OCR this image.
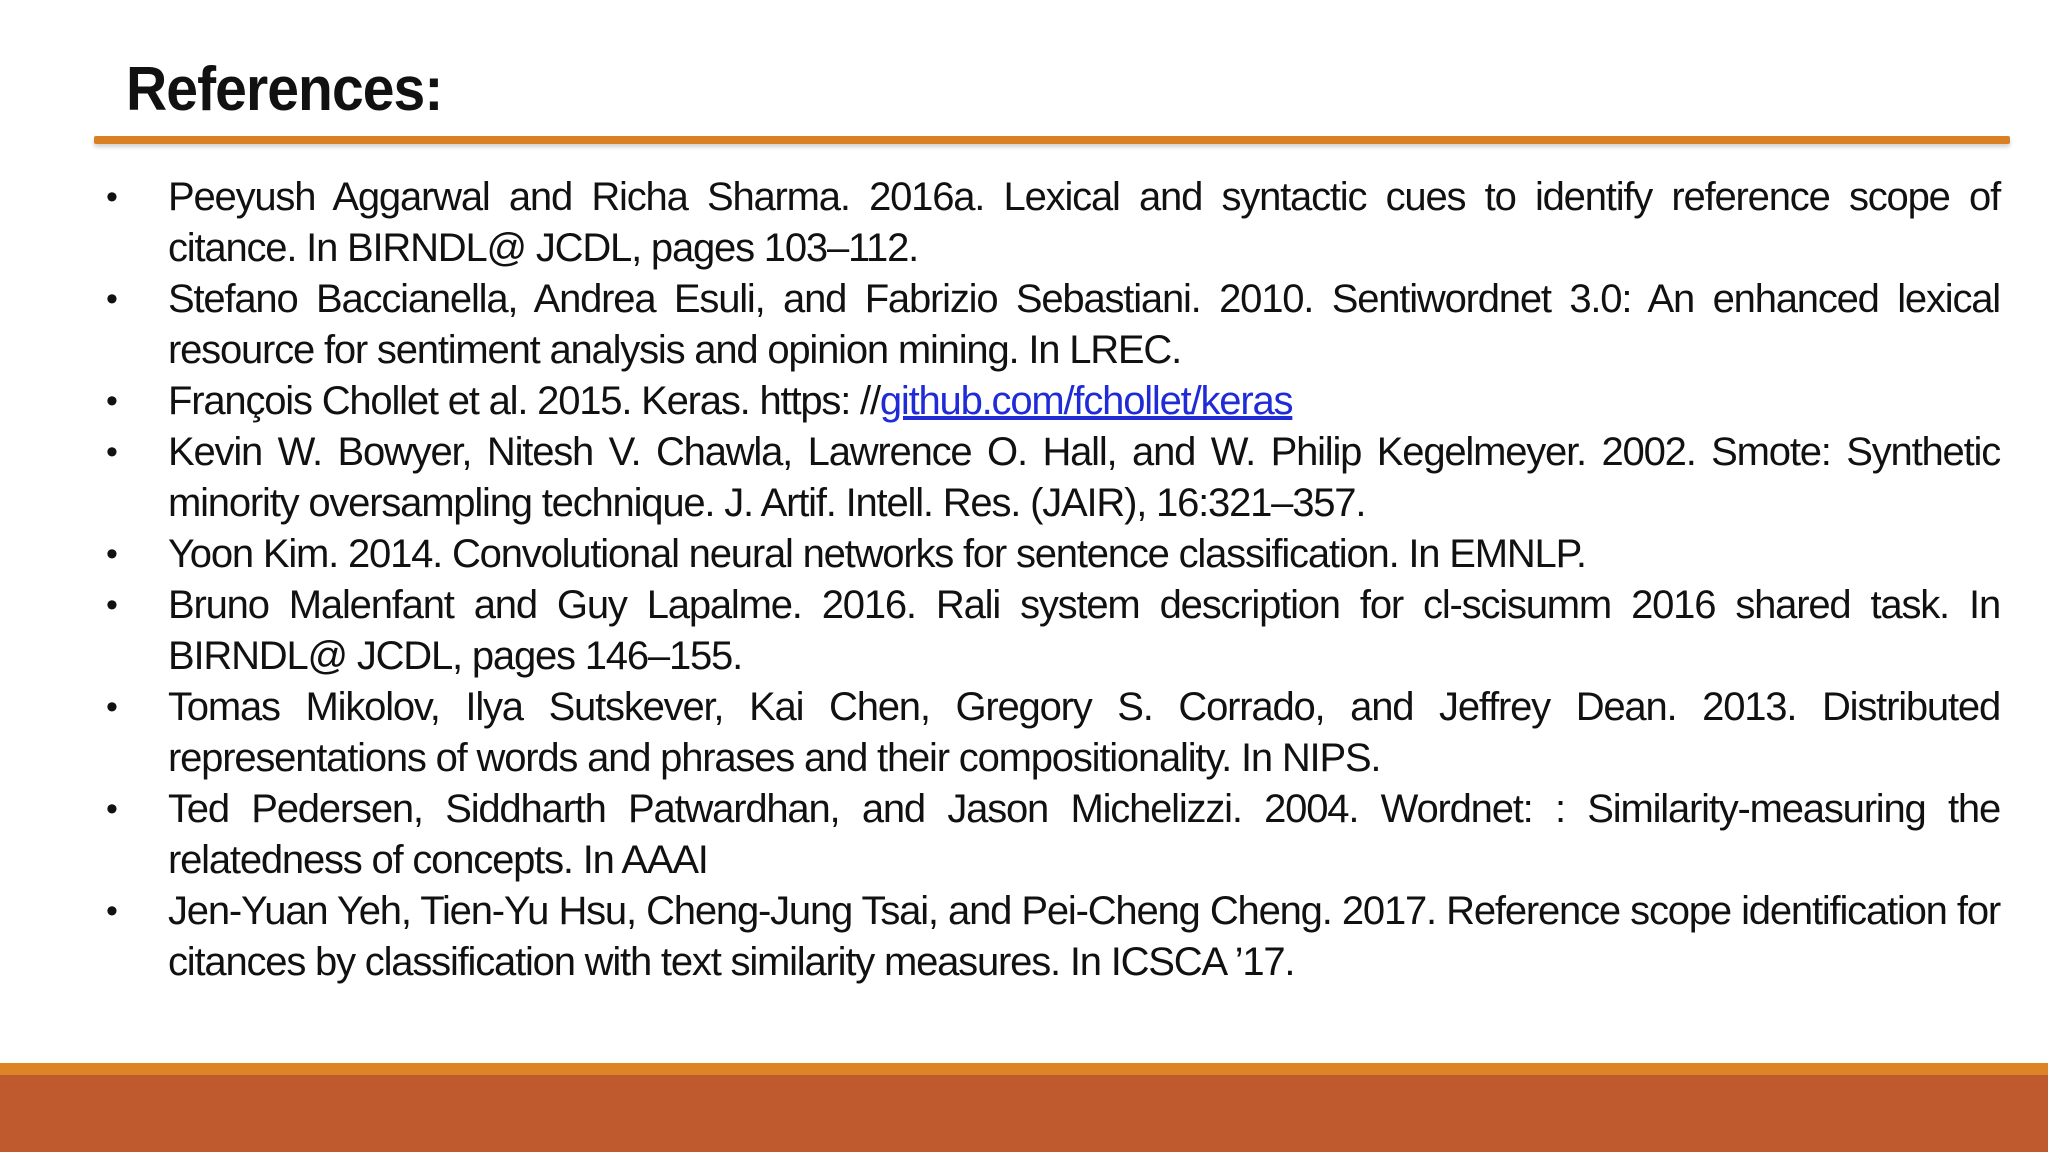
References:
•	Peeyush Aggarwal and Richa Sharma. 2016a. Lexical and syntactic cues to identify reference scope of citance. In BIRNDL@ JCDL, pages 103–112.
•	Stefano Baccianella, Andrea Esuli, and Fabrizio Sebastiani. 2010. Sentiwordnet 3.0: An enhanced lexical resource for sentiment analysis and opinion mining. In LREC.
•	François Chollet et al. 2015. Keras. https: //github.com/fchollet/keras
•	Kevin W. Bowyer, Nitesh V. Chawla, Lawrence O. Hall, and W. Philip Kegelmeyer. 2002. Smote: Synthetic minority oversampling technique. J. Artif. Intell. Res. (JAIR), 16:321–357.
•	Yoon Kim. 2014. Convolutional neural networks for sentence classification. In EMNLP.
•	Bruno Malenfant and Guy Lapalme. 2016. Rali system description for cl-scisumm 2016 shared task. In BIRNDL@ JCDL, pages 146–155.
•	Tomas Mikolov, Ilya Sutskever, Kai Chen, Gregory S. Corrado, and Jeffrey Dean. 2013. Distributed representations of words and phrases and their compositionality. In NIPS.
•	Ted Pedersen, Siddharth Patwardhan, and Jason Michelizzi. 2004. Wordnet: : Similarity-measuring the relatedness of concepts. In AAAI
•	Jen-Yuan Yeh, Tien-Yu Hsu, Cheng-Jung Tsai, and Pei-Cheng Cheng. 2017. Reference scope identification for citances by classification with text similarity measures. In ICSCA ’17.
